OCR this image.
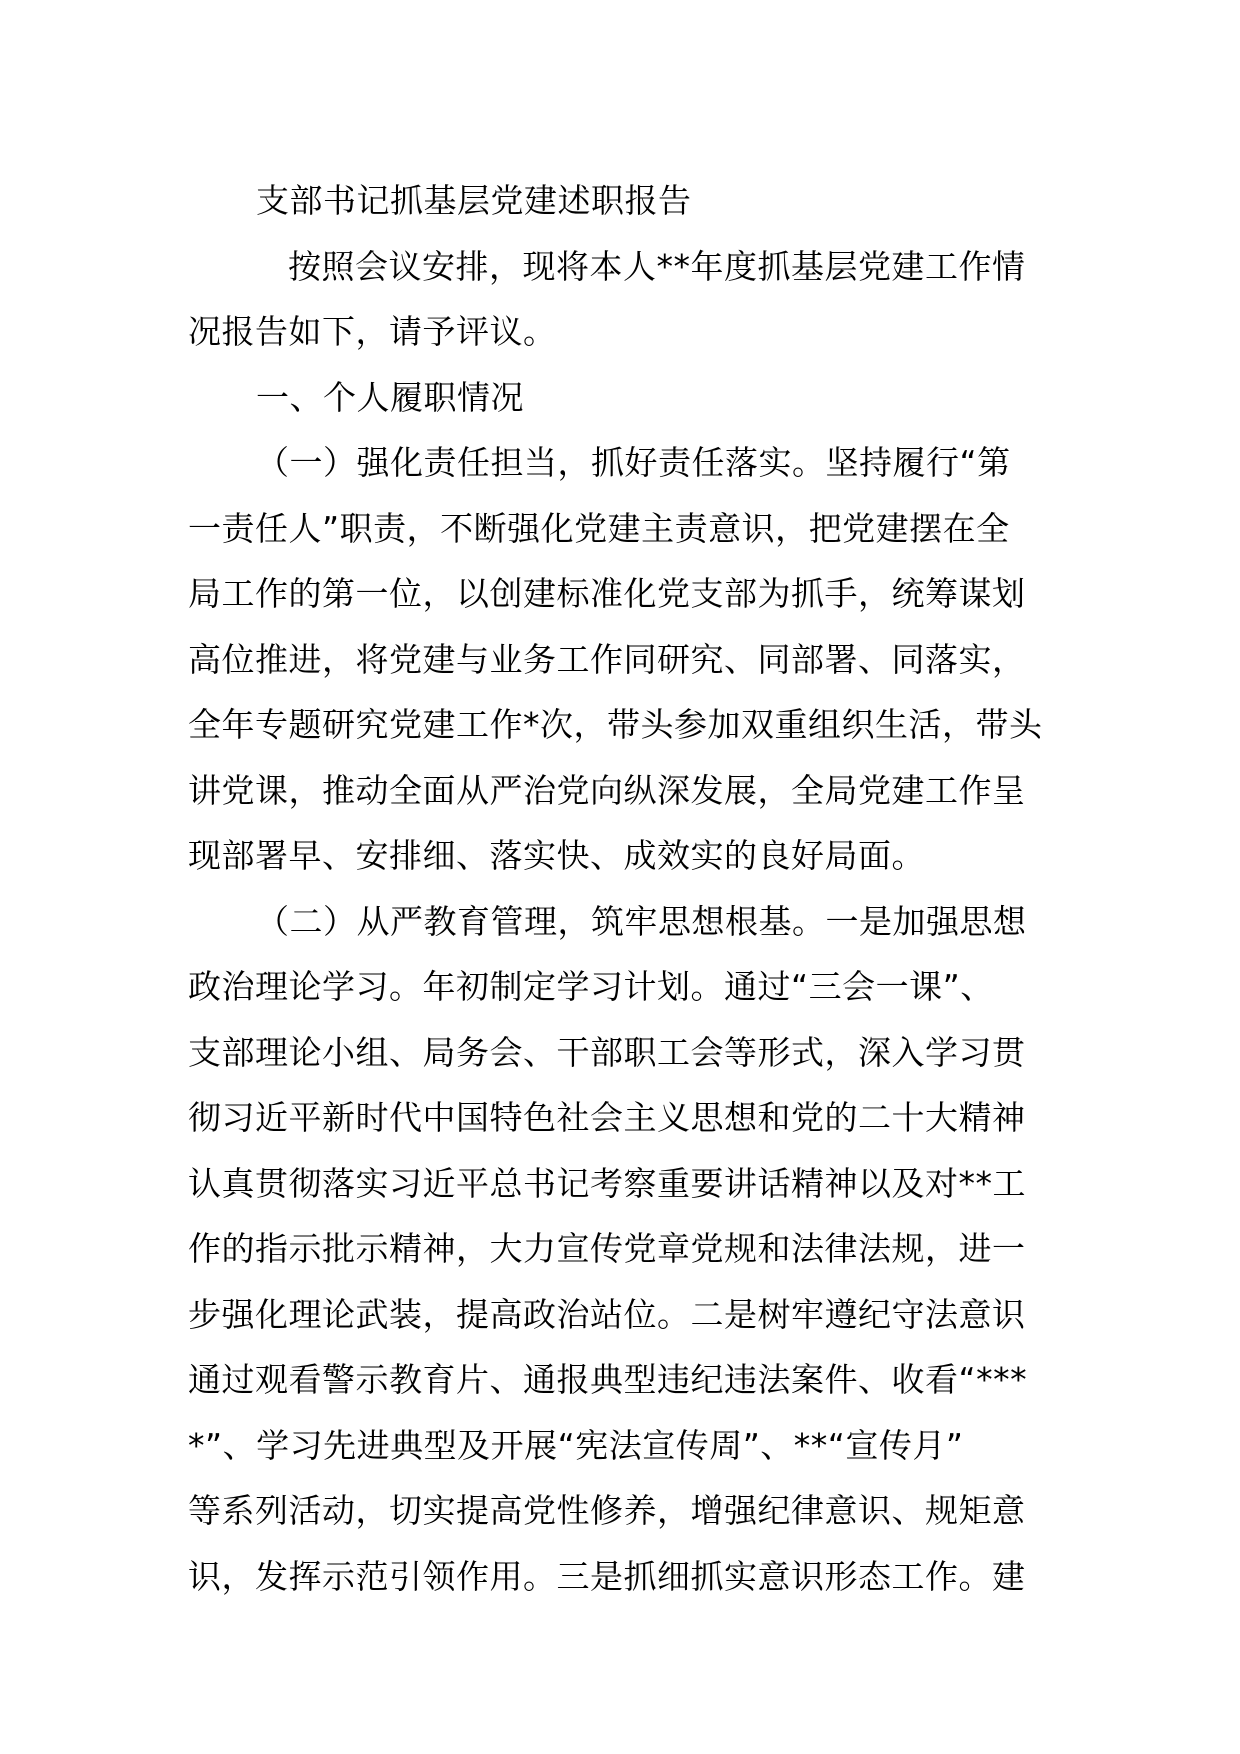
支部书记抓基层党建述职报告
按照会议安排，现将本人**年度抓基层党建工作情
况报告如下，请予评议。
一、个人履职情况
（一）强化责任担当，抓好责任落实。坚持履行“第
一责任人”职责，不断强化党建主责意识，把党建摆在全
局工作的第一位，以创建标准化党支部为抓手，统筹谋划
高位推进，将党建与业务工作同研究、同部署、同落实，
全年专题研究党建工作*次，带头参加双重组织生活，带头
讲党课，推动全面从严治党向纵深发展，全局党建工作呈
现部署早、安排细、落实快、成效实的良好局面。
（二）从严教育管理，筑牢思想根基。一是加强思想
政治理论学习。年初制定学习计划。通过“三会一课”、
支部理论小组、局务会、干部职工会等形式，深入学习贯
彻习近平新时代中国特色社会主义思想和党的二十大精神
认真贯彻落实习近平总书记考察重要讲话精神以及对**工
作的指示批示精神，大力宣传党章党规和法律法规，进一
步强化理论武装，提高政治站位。二是树牢遵纪守法意识
通过观看警示教育片、通报典型违纪违法案件、收看“***
*”、学习先进典型及开展“宪法宣传周”、**“宣传月”
等系列活动，切实提高党性修养，增强纪律意识、规矩意
识，发挥示范引领作用。三是抓细抓实意识形态工作。建
